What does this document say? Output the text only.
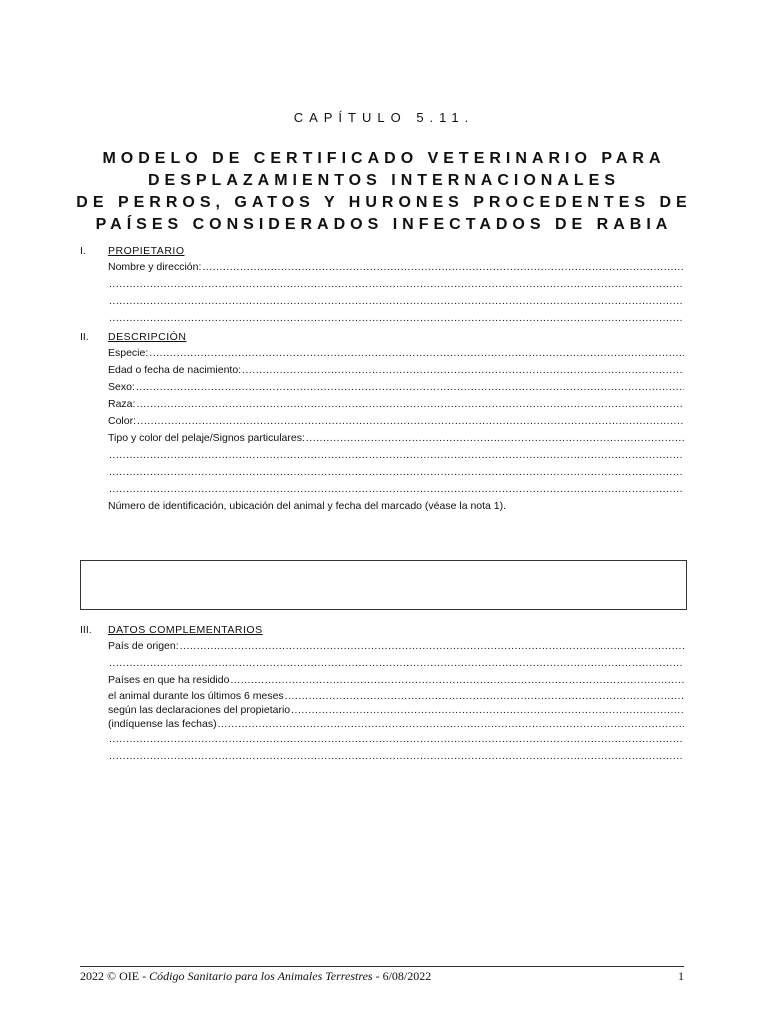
CAPÍTULO 5.11.
MODELO DE CERTIFICADO VETERINARIO PARA
DESPLAZAMIENTOS INTERNACIONALES
DE PERROS, GATOS Y HURONES PROCEDENTES DE
PAÍSES CONSIDERADOS INFECTADOS DE RABIA
I. PROPIETARIO
Nombre y dirección:
.....
.....
.....
.....
II. DESCRIPCIÓN
Especie:
.....
Edad o fecha de nacimiento:
.....
Sexo:
.....
Raza:
.....
Color:
.....
Tipo y color del pelaje/Signos particulares:
.....
.....
.....
.....
Número de identificación, ubicación del animal y fecha del marcado (véase la nota 1).
III. DATOS COMPLEMENTARIOS
País de origen:
.....
.....
Países en que ha residido
.....
el animal durante los últimos 6 meses
.....
según las declaraciones del propietario
.....
(indíquense las fechas)
.....
.....
.....
2022 © OIE - Código Sanitario para los Animales Terrestres - 6/08/2022	1
